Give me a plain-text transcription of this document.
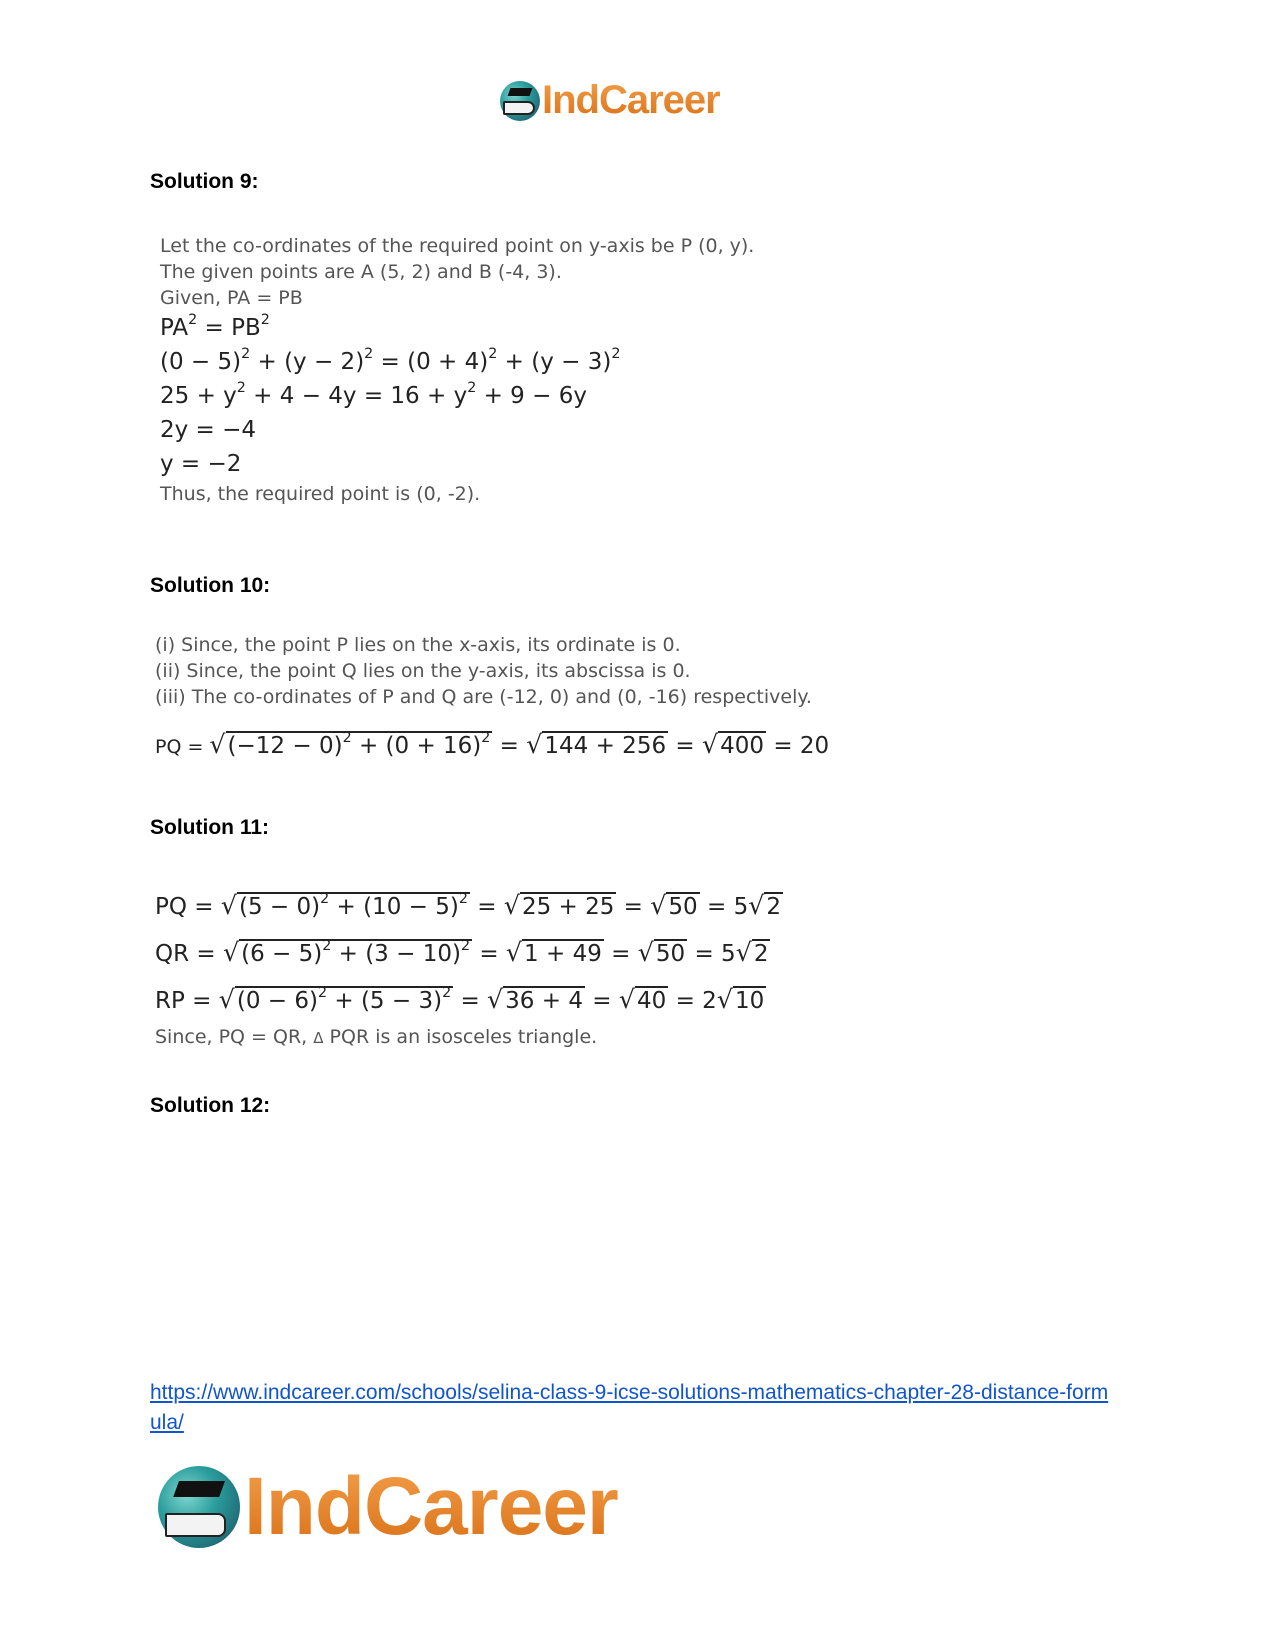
IndCareer
Solution 9:

Let the co-ordinates of the required point on y-axis be P (0, y).

The given points are A (5, 2) and B (-4, 3).

Given, PA = PB

$PA^2 = PB^2$

$(0 - 5)^2 + (y - 2)^2 = (0 + 4)^2 + (y - 3)^2$

$25 + y^2 + 4 - 4y = 16 + y^2 + 9 - 6y$

2y = −4

y = −2

Thus, the required point is (0, -2).

Solution 10:

(i) Since, the point P lies on the x-axis, its ordinate is 0.

(ii) Since, the point Q lies on the y-axis, its abscissa is 0.

(iii) The co-ordinates of P and Q are (-12, 0) and (0, -16) respectively.

PQ = $√(-12 - 0)^2 + (0 + 16)^2 = √144 + 256 = √400 = 20$

Solution 11:

PQ = $√(5 - 0)^2 + (10 - 5)^2 = √25 + 25 = √50 = 5√2$

QR = $√(6 - 5)^2 + (3 - 10)^2 = √1 + 49 = √50 = 5√2$

RP = $√(0 - 6)^2 + (5 - 3)^2 = √36 + 4 = √40 = 2√10$

Since, PQ = QR, Δ PQR is an isosceles triangle.

Solution 12:
https://www.indcareer.com/schools/selina-class-9-icse-solutions-mathematics-chapter-28-distance-formula/
IndCareer
